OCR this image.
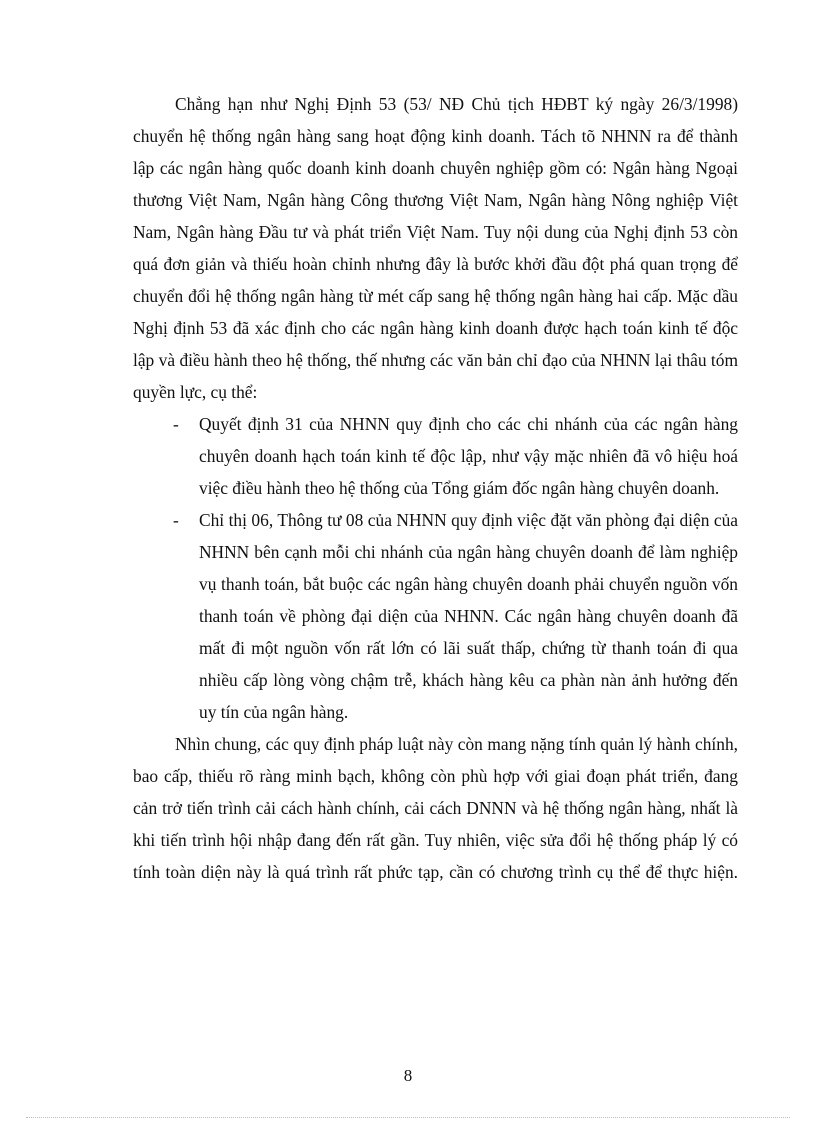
Chẳng hạn như Nghị Định 53 (53/ NĐ Chủ tịch HĐBT ký ngày 26/3/1998) chuyển hệ thống ngân hàng sang hoạt động kinh doanh. Tách tõ NHNN ra để thành lập các ngân hàng quốc doanh kinh doanh chuyên nghiệp gồm có: Ngân hàng Ngoại thương Việt Nam, Ngân hàng Công thương Việt Nam, Ngân hàng Nông nghiệp Việt Nam, Ngân hàng Đầu tư và phát triển Việt Nam. Tuy nội dung của Nghị định 53 còn quá đơn giản và thiếu hoàn chỉnh nhưng đây là bước khởi đầu đột phá quan trọng để chuyển đổi hệ thống ngân hàng từ mét cấp sang hệ thống ngân hàng hai cấp. Mặc dầu Nghị định 53 đã xác định cho các ngân hàng kinh doanh được hạch toán kinh tế độc lập và điều hành theo hệ thống, thế nhưng các văn bản chỉ đạo của NHNN lại thâu tóm quyền lực, cụ thể:

- Quyết định 31 của NHNN quy định cho các chi nhánh của các ngân hàng chuyên doanh hạch toán kinh tế độc lập, như vậy mặc nhiên đã vô hiệu hoá việc điều hành theo hệ thống của Tổng giám đốc ngân hàng chuyên doanh.
- Chỉ thị 06, Thông tư 08 của NHNN quy định việc đặt văn phòng đại diện của NHNN bên cạnh mỗi chi nhánh của ngân hàng chuyên doanh để làm nghiệp vụ thanh toán, bắt buộc các ngân hàng chuyên doanh phải chuyển nguồn vốn thanh toán về phòng đại diện của NHNN. Các ngân hàng chuyên doanh đã mất đi một nguồn vốn rất lớn có lãi suất thấp, chứng từ thanh toán đi qua nhiều cấp lòng vòng chậm trễ, khách hàng kêu ca phàn nàn ảnh hưởng đến uy tín của ngân hàng.

Nhìn chung, các quy định pháp luật này còn mang nặng tính quản lý hành chính, bao cấp, thiếu rõ ràng minh bạch, không còn phù hợp với giai đoạn phát triển, đang cản trở tiến trình cải cách hành chính, cải cách DNNN và hệ thống ngân hàng, nhất là khi tiến trình hội nhập đang đến rất gần. Tuy nhiên, việc sửa đổi hệ thống pháp lý có tính toàn diện này là quá trình rất phức tạp, cần có chương trình cụ thể để thực hiện.

8
